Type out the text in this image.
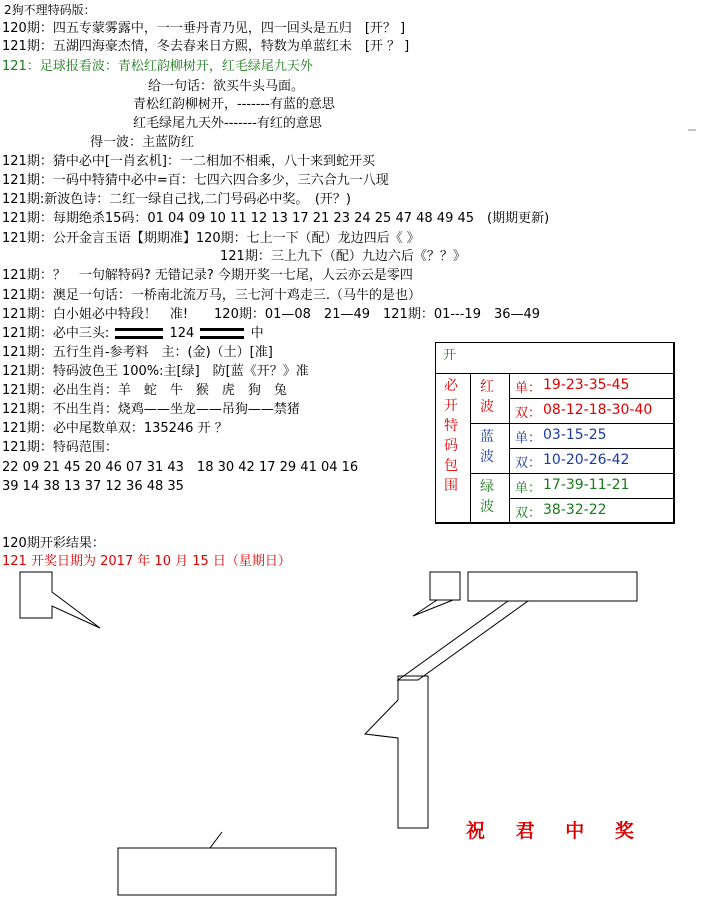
2狗不理特码版：
120期：四五专蒙雾露中，一一垂丹青乃见，四一回头是五归　[开？ ]
121期：五湖四海豪杰情，冬去春来日方熙，特数为单蓝红未　[开 ？ ]
121：足球报看波：青松红韵柳树开，红毛绿尾九天外
给一句话：欲买牛头马面。
青松红韵柳树开，-------有蓝的意思
红毛绿尾九天外-------有红的意思
得一波：主蓝防红
121期：猜中必中[一肖玄机]：一二相加不相乘，八十来到蛇开买
121期：一码中特猜中必中=百：七四六四合多少，三六合九一八现
121期:新波色诗：二红一绿自己找,二门号码必中奖。　(开？)
121期：每期绝杀15码：01 04 09 10 11 12 13 17 21 23 24 25 47 48 49 45　(期期更新)
121期：公开金言玉语【期期准】120期：七上一下（配）龙边四后《 》
121期：三上九下（配）九边六后《？？》
121期：？　一句解特码? 无错记录? 今期开奖一七尾，人云亦云是零四
121期：澳足一句话：一桥南北流万马，三七河十鸡走三.（马牛的是也）
121期：白小姐必中特段！　准!　　120期：01—08　21—49　121期：01---19　36—49
121期：必中三头:	124	中
121期：五行生肖-参考料　主：(金)（土）[准]
121期：特码波色王 100%:主[绿]　防[蓝《开？》准
121期：必出生肖：羊　蛇　牛　猴　虎　狗　兔
121期：不出生肖：烧鸡——坐龙——吊狗——禁猪
121期：必中尾数单双：135246 开 ？
121期：特码范围：
22 09 21 45 20 46 07 31 43　18 30 42 17 29 41 04 16
39 14 38 13 37 12 36 48 35
120期开彩结果：
121 开奖日期为 2017 年 10 月 15 日（星期日）
开
必开特码包围
红波
蓝波
绿波
单： 19-23-35-45
双： 08-12-18-30-40
单： 03-15-25
双： 10-20-26-42
单： 17-39-11-21
双： 38-32-22
祝 君 中 奖
